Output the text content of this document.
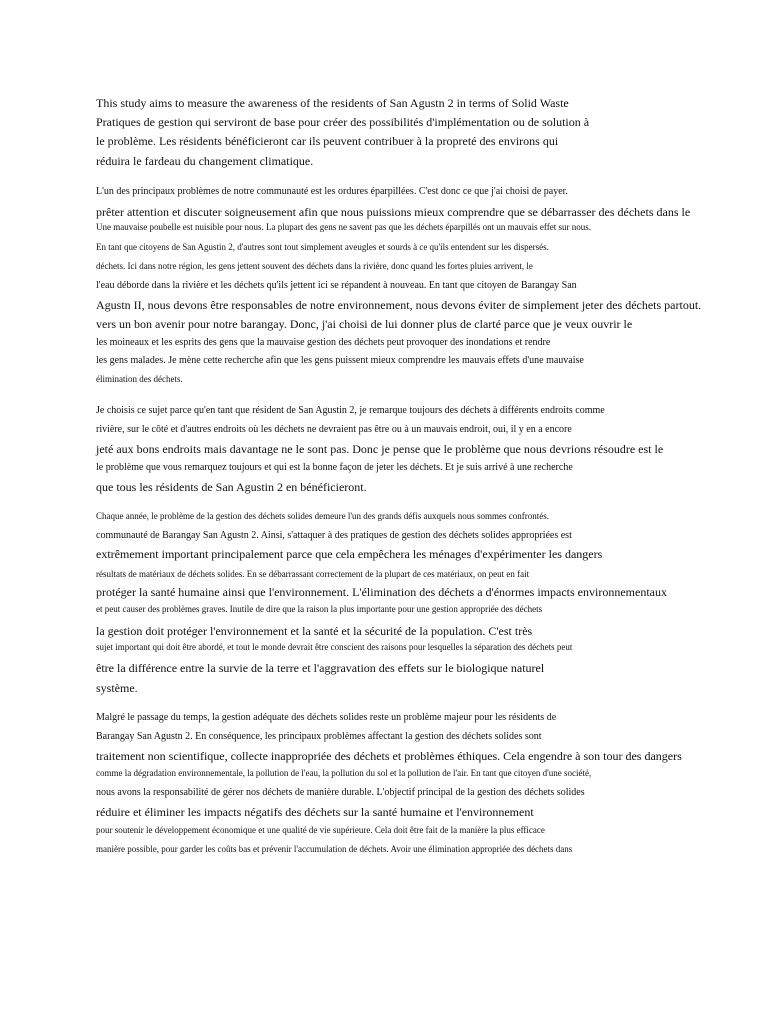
This study aims to measure the awareness of the residents of San Agustn 2 in terms of Solid Waste
Pratiques de gestion qui serviront de base pour créer des possibilités d'implémentation ou de solution à
le problème. Les résidents bénéficieront car ils peuvent contribuer à la propreté des environs qui
réduira le fardeau du changement climatique.
L'un des principaux problèmes de notre communauté est les ordures éparpillées. C'est donc ce que j'ai choisi de payer.
prêter attention et discuter soigneusement afin que nous puissions mieux comprendre que se débarrasser des déchets dans le
Une mauvaise poubelle est nuisible pour nous. La plupart des gens ne savent pas que les déchets éparpillés ont un mauvais effet sur nous.
En tant que citoyens de San Agustin 2, d'autres sont tout simplement aveugles et sourds à ce qu'ils entendent sur les dispersés.
déchets. Ici dans notre région, les gens jettent souvent des déchets dans la rivière, donc quand les fortes pluies arrivent, le
l'eau déborde dans la rivière et les déchets qu'ils jettent ici se répandent à nouveau. En tant que citoyen de Barangay San
Agustn II, nous devons être responsables de notre environnement, nous devons éviter de simplement jeter des déchets partout.
vers un bon avenir pour notre barangay. Donc, j'ai choisi de lui donner plus de clarté parce que je veux ouvrir le
les moineaux et les esprits des gens que la mauvaise gestion des déchets peut provoquer des inondations et rendre
les gens malades. Je mène cette recherche afin que les gens puissent mieux comprendre les mauvais effets d'une mauvaise
élimination des déchets.
Je choisis ce sujet parce qu'en tant que résident de San Agustin 2, je remarque toujours des déchets à différents endroits comme
rivière, sur le côté et d'autres endroits où les déchets ne devraient pas être ou à un mauvais endroit, oui, il y en a encore
jeté aux bons endroits mais davantage ne le sont pas. Donc je pense que le problème que nous devrions résoudre est le
le problème que vous remarquez toujours et qui est la bonne façon de jeter les déchets. Et je suis arrivé à une recherche
que tous les résidents de San Agustin 2 en bénéficieront.
Chaque année, le problème de la gestion des déchets solides demeure l'un des grands défis auxquels nous sommes confrontés.
communauté de Barangay San Agustn 2. Ainsi, s'attaquer à des pratiques de gestion des déchets solides appropriées est
extrêmement important principalement parce que cela empêchera les ménages d'expérimenter les dangers
résultats de matériaux de déchets solides. En se débarrassant correctement de la plupart de ces matériaux, on peut en fait
protéger la santé humaine ainsi que l'environnement. L'élimination des déchets a d'énormes impacts environnementaux
et peut causer des problèmes graves. Inutile de dire que la raison la plus importante pour une gestion appropriée des déchets
la gestion doit protéger l'environnement et la santé et la sécurité de la population. C'est très
sujet important qui doit être abordé, et tout le monde devrait être conscient des raisons pour lesquelles la séparation des déchets peut
être la différence entre la survie de la terre et l'aggravation des effets sur le biologique naturel
système.
Malgré le passage du temps, la gestion adéquate des déchets solides reste un problème majeur pour les résidents de
Barangay San Agustn 2. En conséquence, les principaux problèmes affectant la gestion des déchets solides sont
traitement non scientifique, collecte inappropriée des déchets et problèmes éthiques. Cela engendre à son tour des dangers
comme la dégradation environnementale, la pollution de l'eau, la pollution du sol et la pollution de l'air. En tant que citoyen d'une société,
nous avons la responsabilité de gérer nos déchets de manière durable. L'objectif principal de la gestion des déchets solides
réduire et éliminer les impacts négatifs des déchets sur la santé humaine et l'environnement
pour soutenir le développement économique et une qualité de vie supérieure. Cela doit être fait de la manière la plus efficace
manière possible, pour garder les coûts bas et prévenir l'accumulation de déchets. Avoir une élimination appropriée des déchets dans
